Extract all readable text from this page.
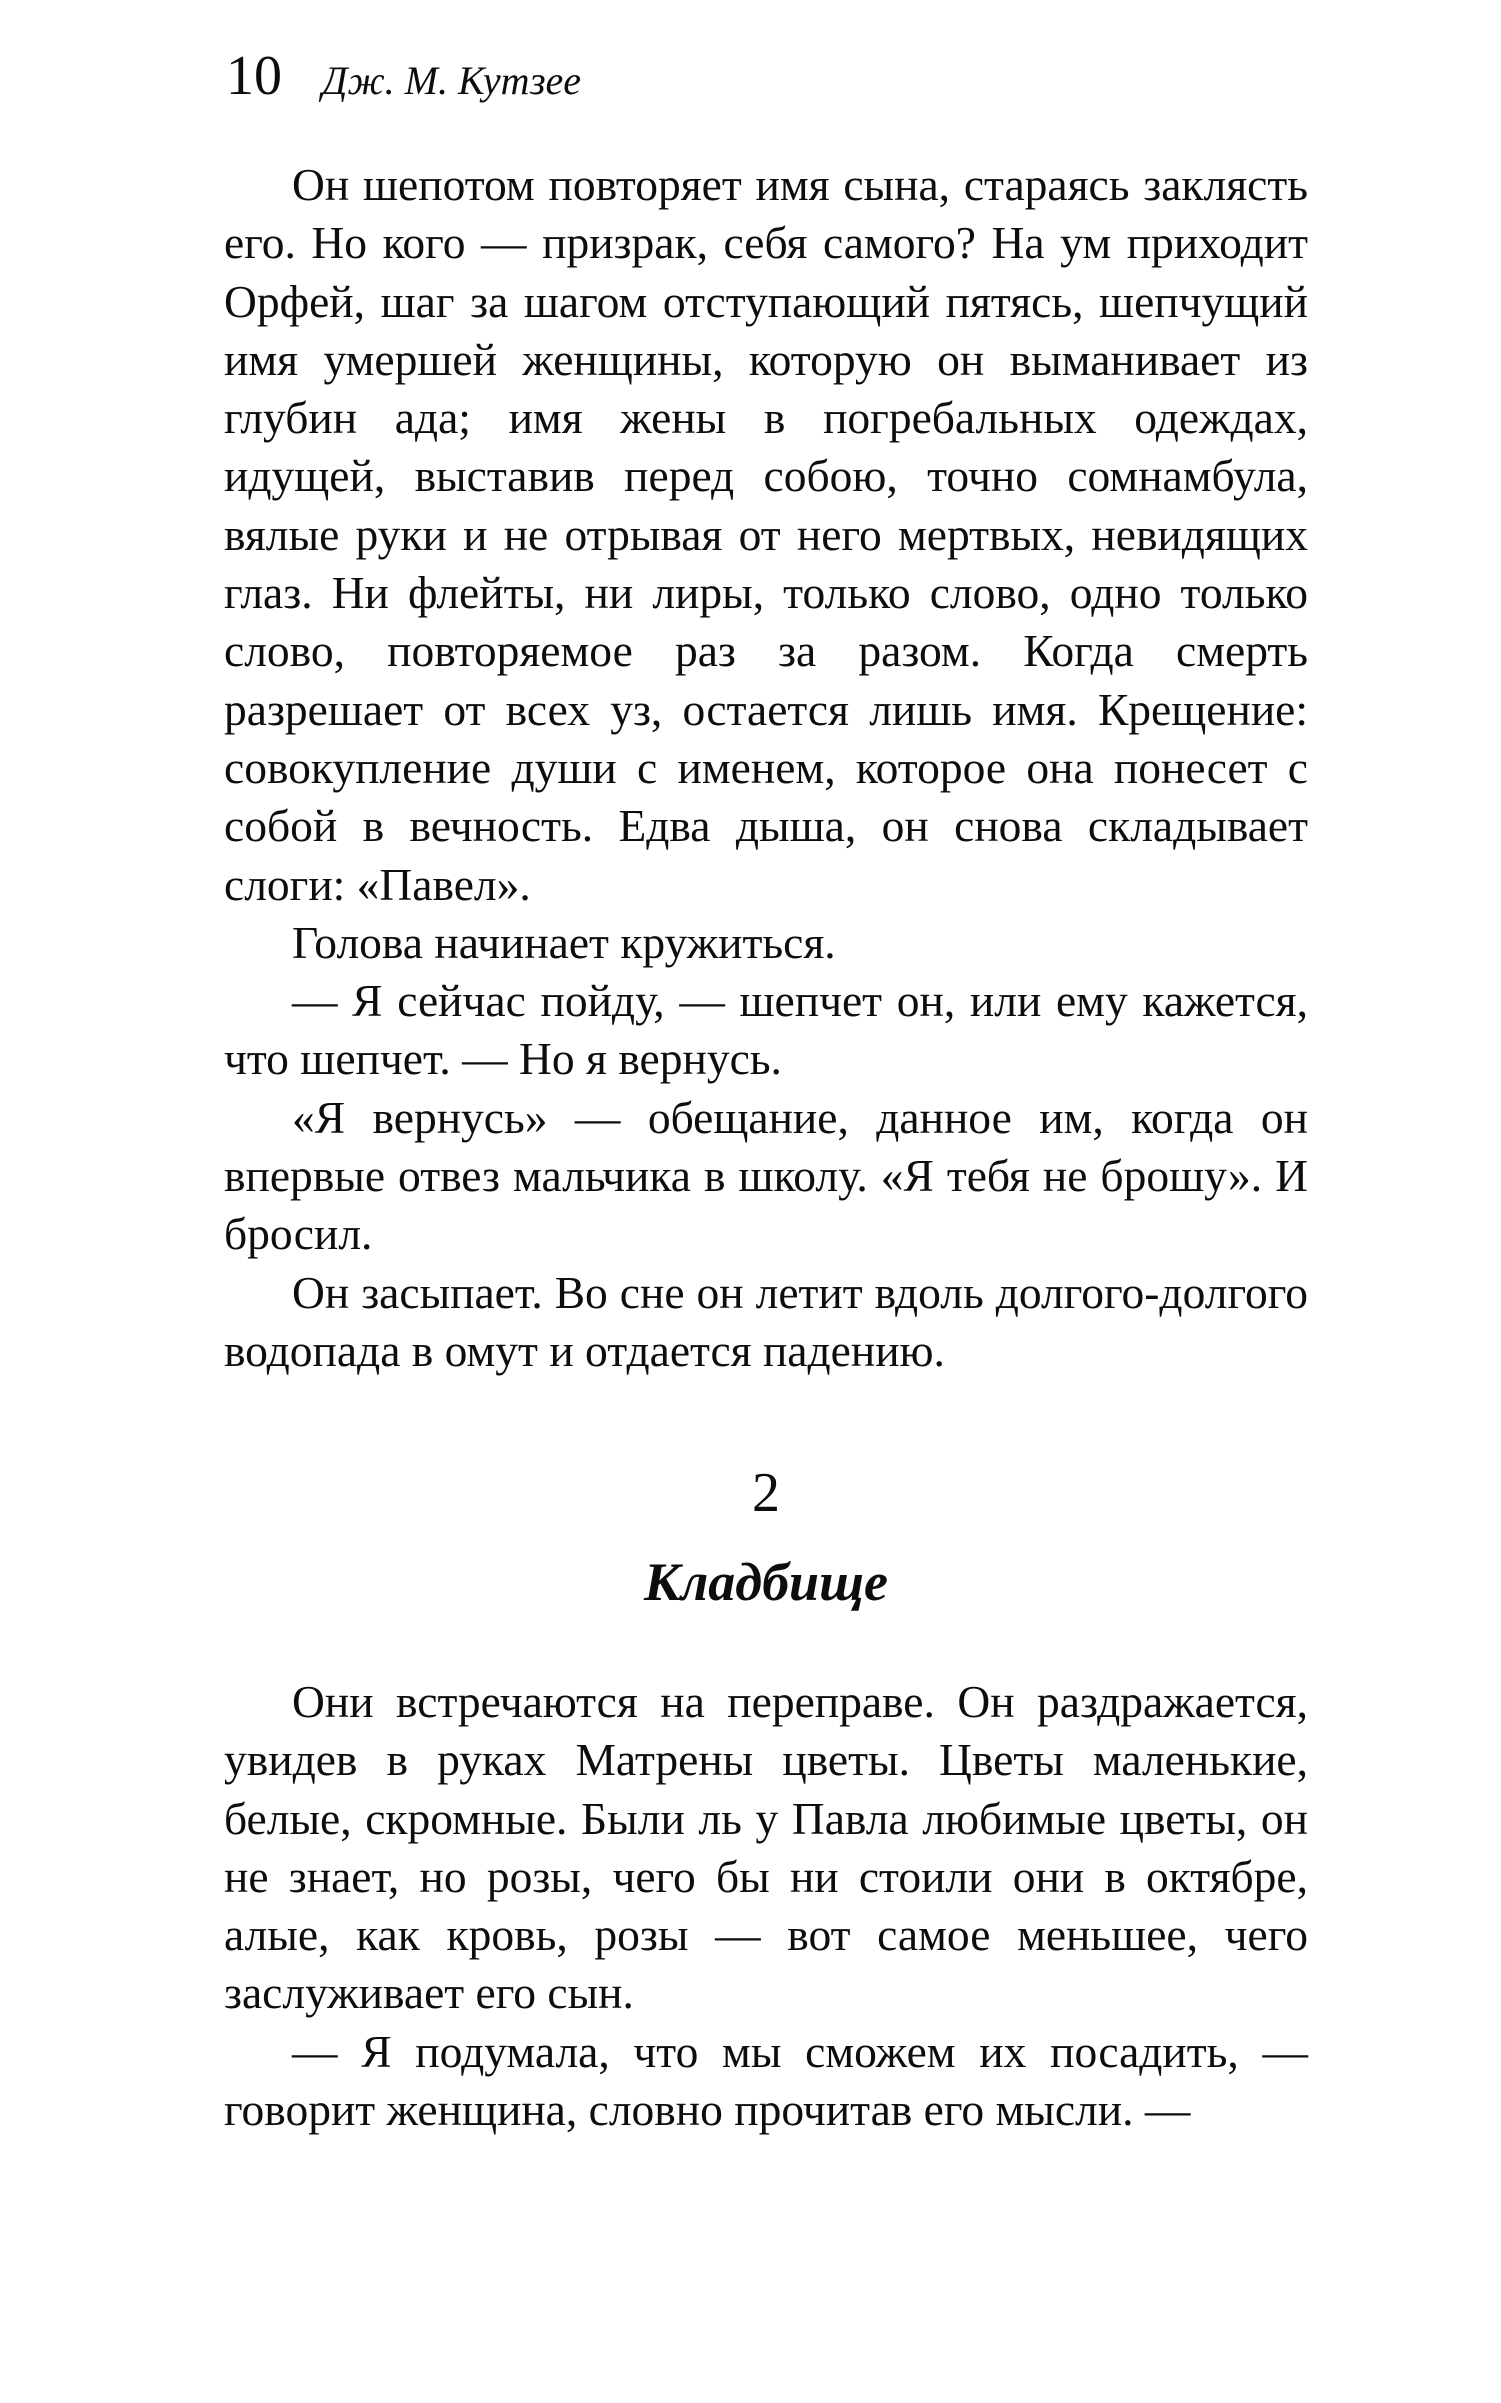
10 Дж. М. Кутзее

Он шепотом повторяет имя сына, стараясь заклясть его. Но кого — призрак, себя самого? На ум приходит Орфей, шаг за шагом отступающий пятясь, шепчущий имя умершей женщины, которую он выманивает из глубин ада; имя жены в погребальных одеждах, идущей, выставив перед собою, точно сомнамбула, вялые руки и не отрывая от него мертвых, невидящих глаз. Ни флейты, ни лиры, только слово, одно только слово, повторяемое раз за разом. Когда смерть разрешает от всех уз, остается лишь имя. Крещение: совокупление души с именем, которое она понесет с собой в вечность. Едва дыша, он снова складывает слоги: «Павел».

Голова начинает кружиться.

— Я сейчас пойду, — шепчет он, или ему кажется, что шепчет. — Но я вернусь.

«Я вернусь» — обещание, данное им, когда он впервые отвез мальчика в школу. «Я тебя не брошу». И бросил.

Он засыпает. Во сне он летит вдоль долгого-долгого водопада в омут и отдается падению.

2
Кладбище

Они встречаются на переправе. Он раздражается, увидев в руках Матрены цветы. Цветы маленькие, белые, скромные. Были ль у Павла любимые цветы, он не знает, но розы, чего бы ни стоили они в октябре, алые, как кровь, розы — вот самое меньшее, чего заслуживает его сын.

— Я подумала, что мы сможем их посадить, — говорит женщина, словно прочитав его мысли. —
